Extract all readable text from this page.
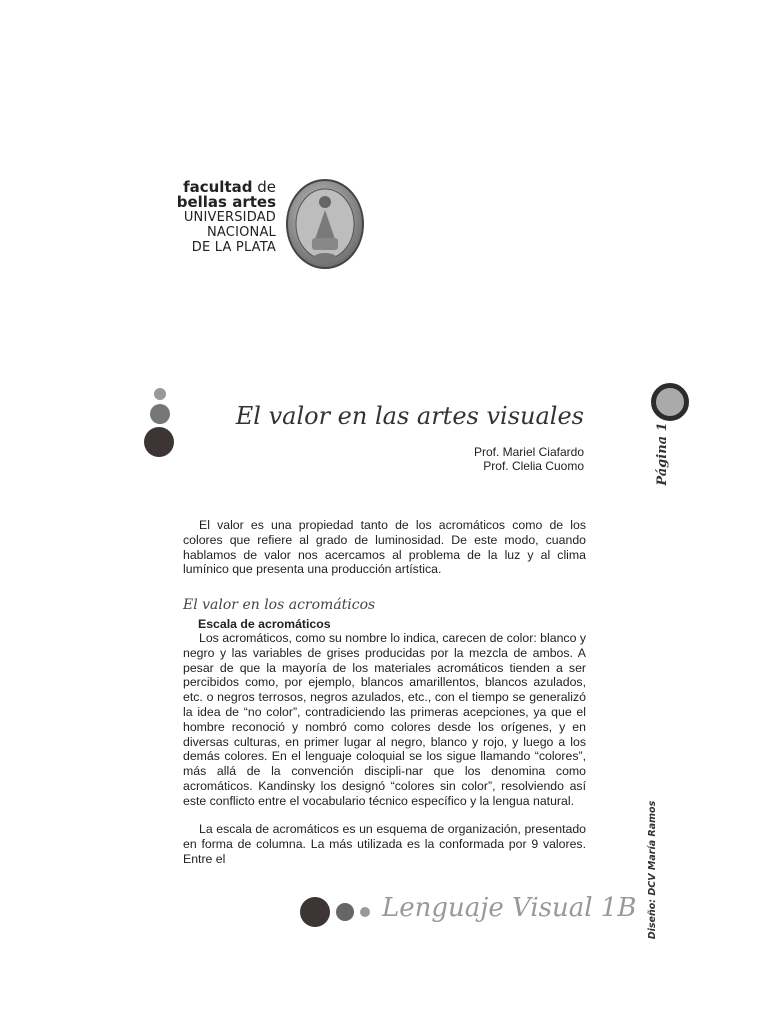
facultad de
bellas artes
UNIVERSIDAD
NACIONAL
DE LA PLATA
Página 1
El valor en las artes visuales
Prof. Mariel Ciafardo
Prof. Clelia Cuomo

El valor es una propiedad tanto de los acromáticos como de los colores que refiere al grado de luminosidad. De este modo, cuando hablamos de valor nos acercamos al problema de la luz y al clima lumínico que presenta una producción artística.

El valor en los acromáticos
Escala de acromáticos

Los acromáticos, como su nombre lo indica, carecen de color: blanco y negro y las variables de grises producidas por la mezcla de ambos. A pesar de que la mayoría de los materiales acromáticos tienden a ser percibidos como, por ejemplo, blancos amarillentos, blancos azulados, etc. o negros terrosos, negros azulados, etc., con el tiempo se generalizó la idea de “no color”, contradiciendo las primeras acepciones, ya que el hombre reconoció y nombró como colores desde los orígenes, y en diversas culturas, en primer lugar al negro, blanco y rojo, y luego a los demás colores. En el lenguaje coloquial se los sigue llamando “colores”, más allá de la convención discipli-nar que los denomina como acromáticos. Kandinsky los designó “colores sin color”, resolviendo así este conflicto entre el vocabulario técnico específico y la lengua natural.

La escala de acromáticos es un esquema de organización, presentado en forma de columna. La más utilizada es la conformada por 9 valores. Entre el	Diseño: DCV María Ramos
Lenguaje Visual 1B
